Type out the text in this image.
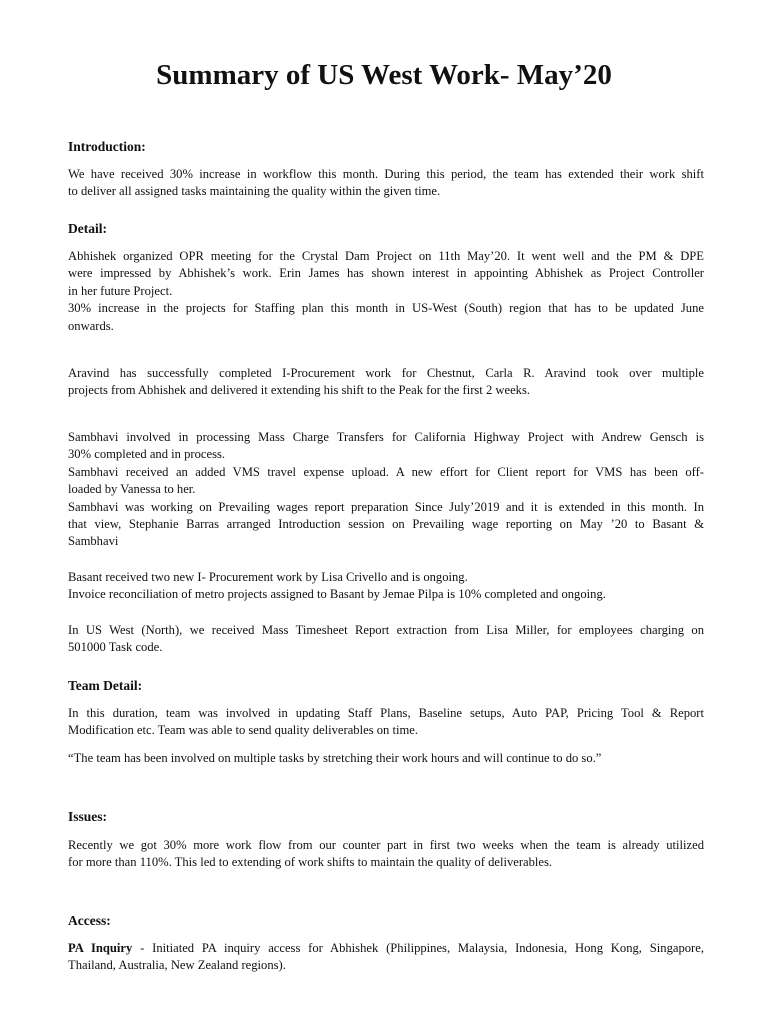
Summary of US West Work- May’20
Introduction:
We have received 30% increase in workflow this month. During this period, the team has extended their work shift
to deliver all assigned tasks maintaining the quality within the given time.
Detail:
Abhishek organized OPR meeting for the Crystal Dam Project on 11th May’20. It went well and the PM & DPE
were impressed by Abhishek’s work. Erin James has shown interest in appointing Abhishek as Project Controller
in her future Project.
30% increase in the projects for Staffing plan this month in US-West (South) region that has to be updated June
onwards.
Aravind has successfully completed I-Procurement work for Chestnut, Carla R. Aravind took over multiple
projects from Abhishek and delivered it extending his shift to the Peak for the first 2 weeks.
Sambhavi involved in processing Mass Charge Transfers for California Highway Project with Andrew Gensch is
30% completed and in process.
Sambhavi received an added VMS travel expense upload. A new effort for Client report for VMS has been off-
loaded by Vanessa to her.
Sambhavi was working on Prevailing wages report preparation Since July’2019 and it is extended in this month. In
that view, Stephanie Barras arranged Introduction session on Prevailing wage reporting on May ’20 to Basant &
Sambhavi
Basant received two new I- Procurement work by Lisa Crivello and is ongoing.
Invoice reconciliation of metro projects assigned to Basant by Jemae Pilpa is 10% completed and ongoing.
In US West (North), we received Mass Timesheet Report extraction from Lisa Miller, for employees charging on
501000 Task code.
Team Detail:
In this duration, team was involved in updating Staff Plans, Baseline setups, Auto PAP, Pricing Tool & Report
Modification etc. Team was able to send quality deliverables on time.
“The team has been involved on multiple tasks by stretching their work hours and will continue to do so.”
Issues:
Recently we got 30% more work flow from our counter part in first two weeks when the team is already utilized
for more than 110%. This led to extending of work shifts to maintain the quality of deliverables.
Access:
PA Inquiry - Initiated PA inquiry access for Abhishek (Philippines, Malaysia, Indonesia, Hong Kong, Singapore,
Thailand, Australia, New Zealand regions).
